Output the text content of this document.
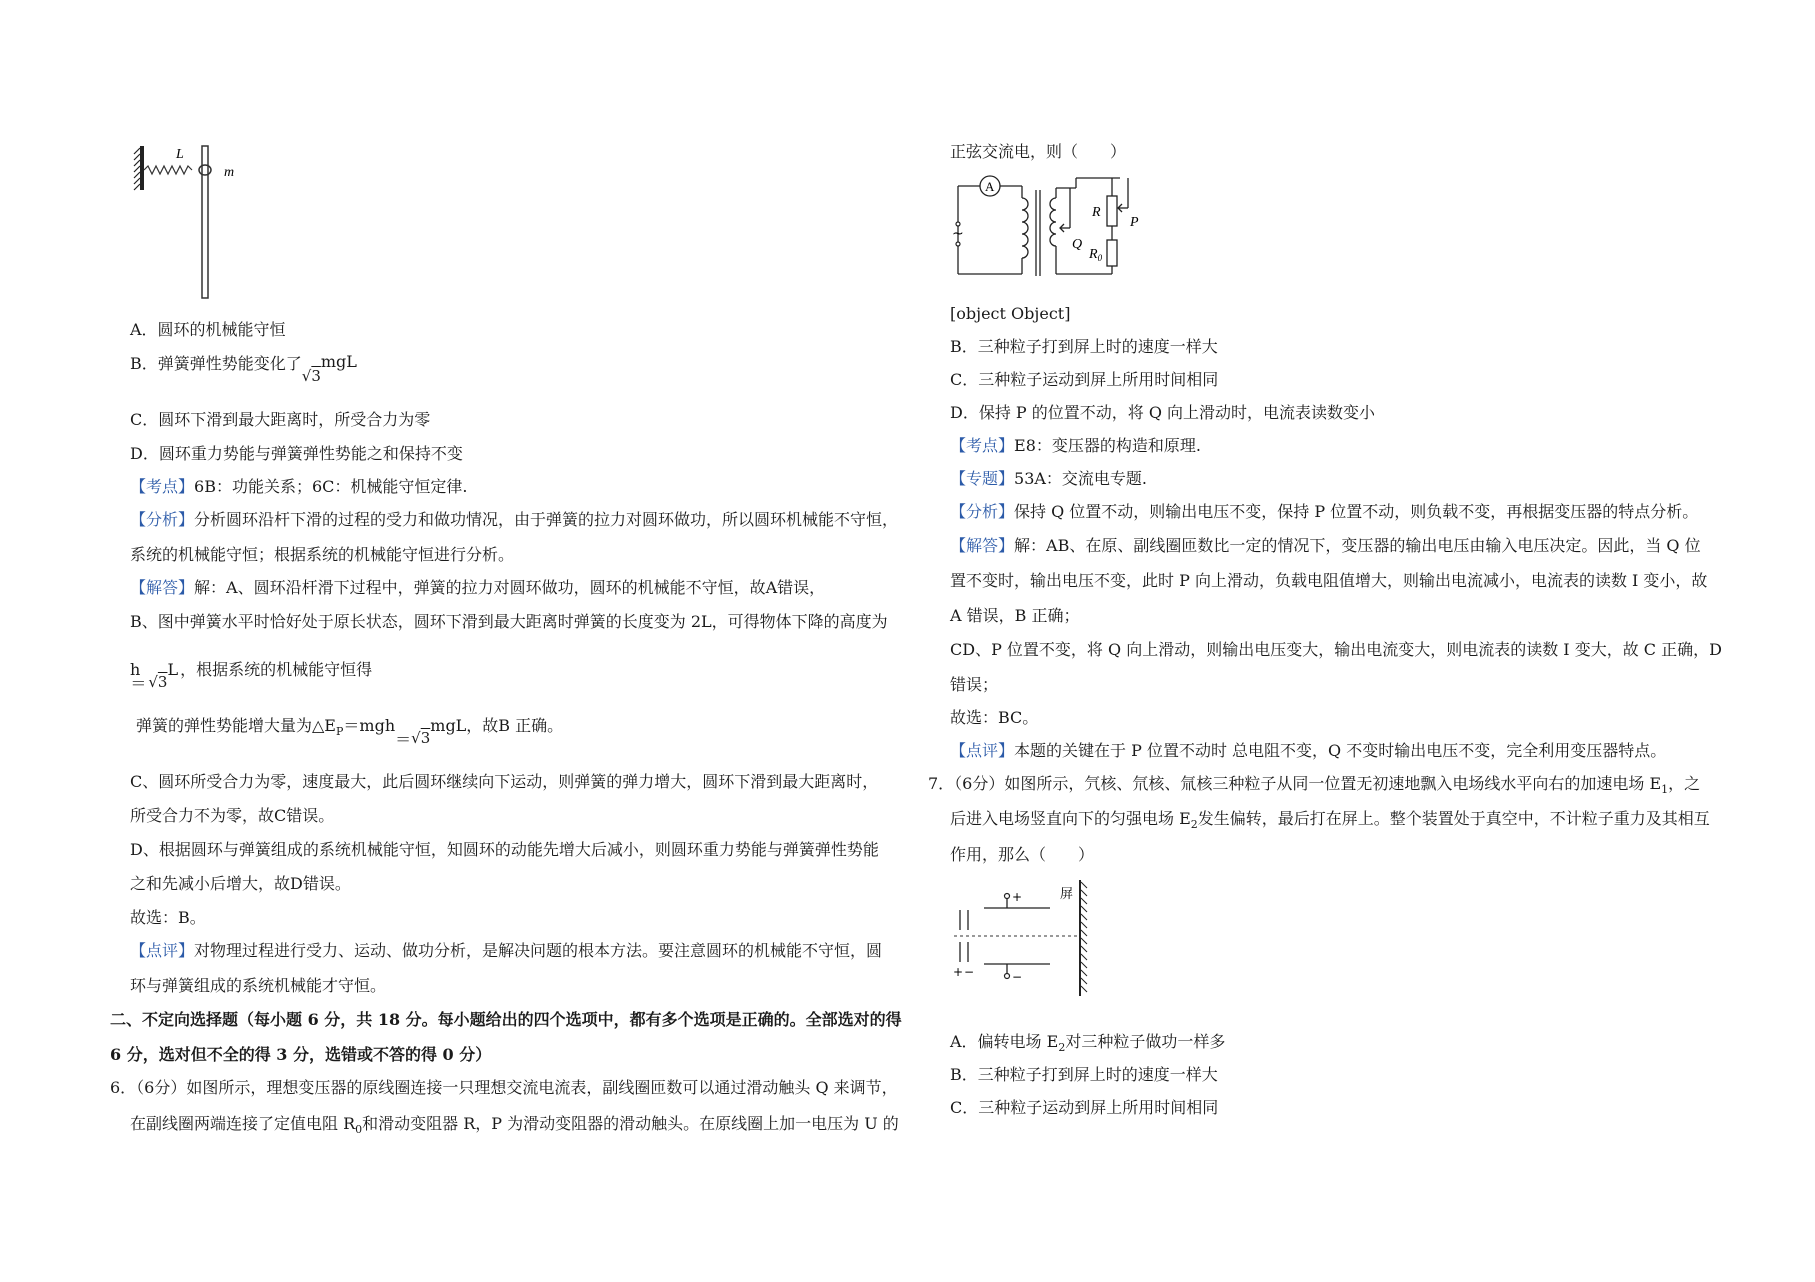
L
m
A．圆环的机械能守恒
B．弹簧弹性势能变化了√3mgL
C．圆环下滑到最大距离时，所受合力为零
D．圆环重力势能与弹簧弹性势能之和保持不变
【考点】6B：功能关系；6C：机械能守恒定律.
【分析】分析圆环沿杆下滑的过程的受力和做功情况，由于弹簧的拉力对圆环做功，所以圆环机械能不守恒，
系统的机械能守恒；根据系统的机械能守恒进行分析。
【解答】解：A、圆环沿杆滑下过程中，弹簧的拉力对圆环做功，圆环的机械能不守恒，故A错误，
B、图中弹簧水平时恰好处于原长状态，圆环下滑到最大距离时弹簧的长度变为 2L，可得物体下降的高度为
h＝ √3L ，根据系统的机械能守恒得
弹簧的弹性势能增大量为$\triangle E_P=mgh=√3mgL$，故B 正确。
C、圆环所受合力为零，速度最大，此后圆环继续向下运动，则弹簧的弹力增大，圆环下滑到最大距离时，
所受合力不为零，故C错误。
D、根据圆环与弹簧组成的系统机械能守恒，知圆环的动能先增大后减小，则圆环重力势能与弹簧弹性势能
之和先减小后增大，故D错误。
故选：B。
【点评】对物理过程进行受力、运动、做功分析，是解决问题的根本方法。要注意圆环的机械能不守恒，圆
环与弹簧组成的系统机械能才守恒。
二、不定向选择题（每小题 6 分，共 18 分。每小题给出的四个选项中，都有多个选项是正确的。全部选对的得
6 分，选对但不全的得 3 分，选错或不答的得 0 分）
6．（6分）如图所示，理想变压器的原线圈连接一只理想交流电流表，副线圈匝数可以通过滑动触头 Q 来调节，
在副线圈两端连接了定值电阻 $R_0$和滑动变阻器 R，P 为滑动变阻器的滑动触头。在原线圈上加一电压为 U 的
正弦交流电，则（　　）
~
A
R
P
Q
$R_0$
[object Object]
B．三种粒子打到屏上时的速度一样大
C．三种粒子运动到屏上所用时间相同
D．保持 P 的位置不动，将 Q 向上滑动时，电流表读数变小
【考点】E8：变压器的构造和原理.
【专题】53A：交流电专题.
【分析】保持 Q 位置不动，则输出电压不变，保持 P 位置不动，则负载不变，再根据变压器的特点分析。
【解答】解：AB、在原、副线圈匝数比一定的情况下，变压器的输出电压由输入电压决定。因此，当 Q 位
置不变时，输出电压不变，此时 P 向上滑动，负载电阻值增大，则输出电流减小，电流表的读数 I 变小，故
A 错误，B 正确；
CD、P 位置不变，将 Q 向上滑动，则输出电压变大，输出电流变大，则电流表的读数 I 变大，故 C 正确，D
错误；
故选：BC。
【点评】本题的关键在于 P 位置不动时 总电阻不变，Q 不变时输出电压不变，完全利用变压器特点。
7．（6分）如图所示，氕核、氘核、氚核三种粒子从同一位置无初速地飘入电场线水平向右的加速电场 $E_1$，之
后进入电场竖直向下的匀强电场 $E_2$发生偏转，最后打在屏上。整个装置处于真空中，不计粒子重力及其相互
作用，那么（　　）
+
−
+ −
屏
A．偏转电场 $E_2$对三种粒子做功一样多
B．三种粒子打到屏上时的速度一样大
C．三种粒子运动到屏上所用时间相同
